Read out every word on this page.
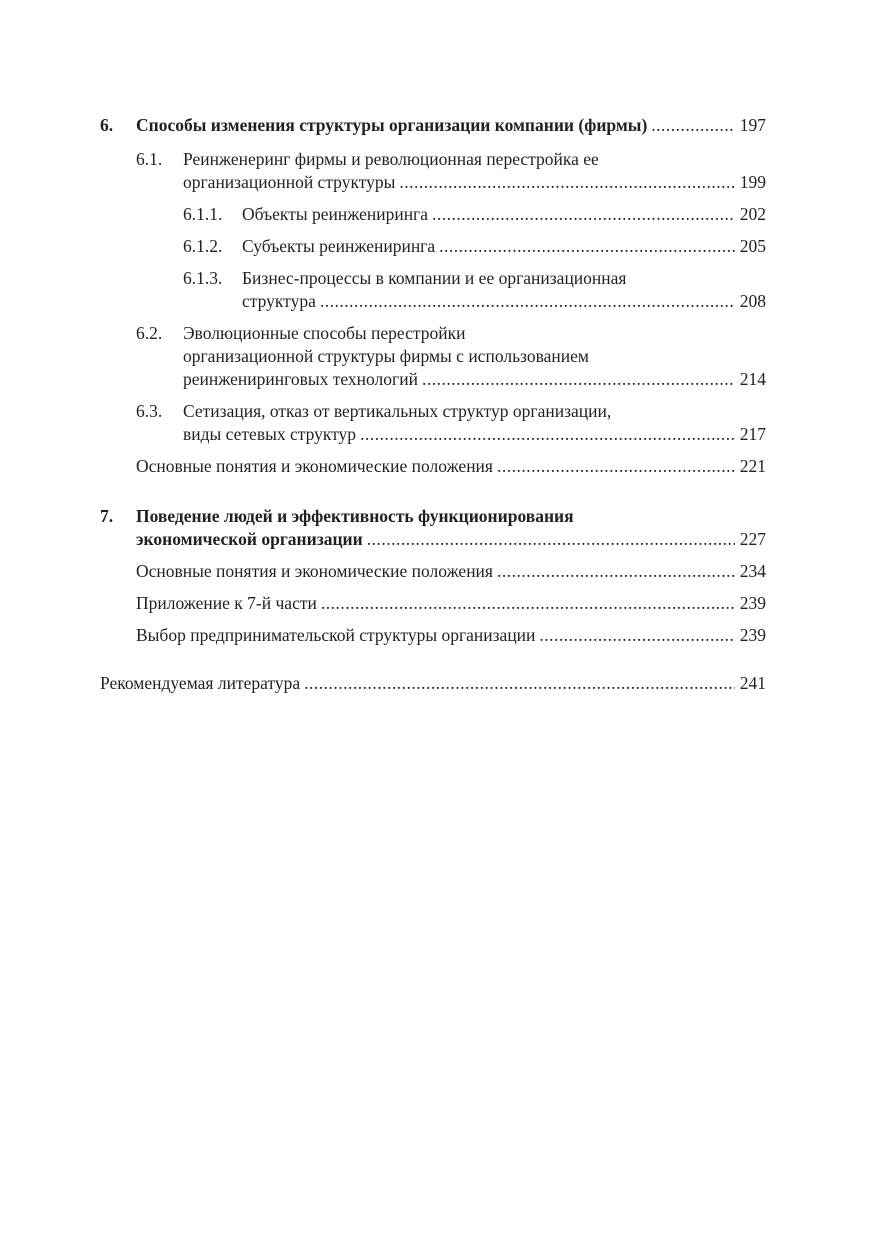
6. Способы изменения структуры организации компании (фирмы) .....	197
6.1. Реинженеринг фирмы и революционная перестройка ее
организационной структуры .....	199
6.1.1. Объекты реинжениринга .....	202
6.1.2. Субъекты реинжениринга .....	205
6.1.3. Бизнес-процессы в компании и ее организационная
структура .....	208
6.2. Эволюционные способы перестройки
организационной структуры фирмы с использованием
реинжениринговых технологий .....	214
6.3. Сетизация, отказ от вертикальных структур организации,
виды сетевых структур .....	217
Основные понятия и экономические положения .....	221
7. Поведение людей и эффективность функционирования
экономической организации .....	227
Основные понятия и экономические положения .....	234
Приложение к 7-й части .....	239
Выбор предпринимательской структуры организации .....	239
Рекомендуемая литература .....	241
